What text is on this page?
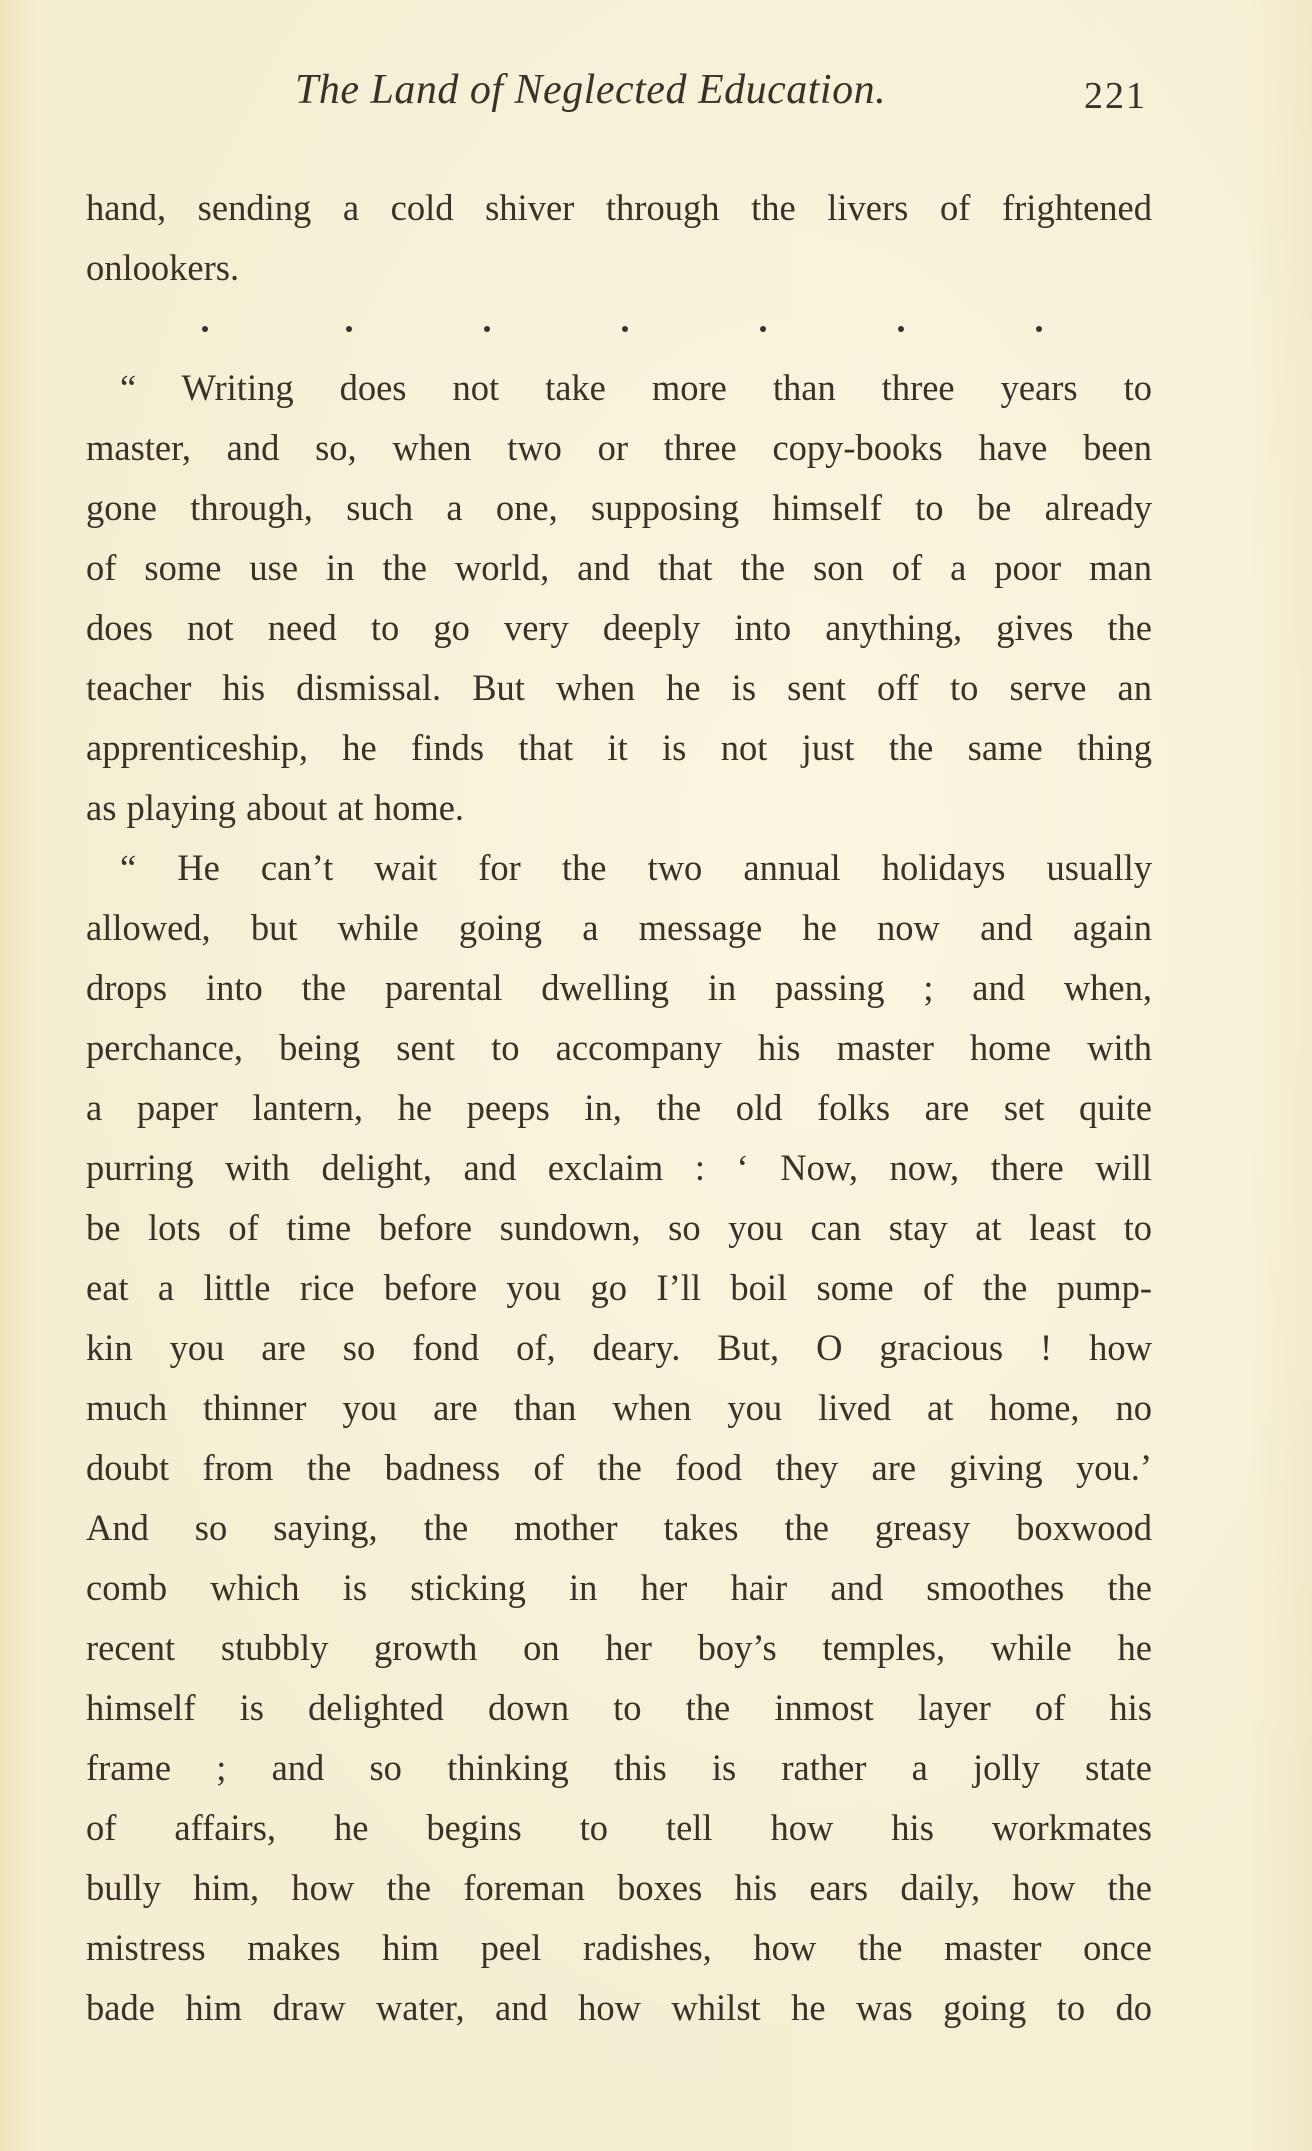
The Land of Neglected Education.	221
hand, sending a cold shiver through the livers of frightened
onlookers.
“ Writing does not take more than three years to
master, and so, when two or three copy-books have been
gone through, such a one, supposing himself to be already
of some use in the world, and that the son of a poor man
does not need to go very deeply into anything, gives the
teacher his dismissal. But when he is sent off to serve an
apprenticeship, he finds that it is not just the same thing
as playing about at home.
“ He can’t wait for the two annual holidays usually
allowed, but while going a message he now and again
drops into the parental dwelling in passing ; and when,
perchance, being sent to accompany his master home with
a paper lantern, he peeps in, the old folks are set quite
purring with delight, and exclaim : ‘ Now, now, there will
be lots of time before sundown, so you can stay at least to
eat a little rice before you go I’ll boil some of the pump-
kin you are so fond of, deary. But, O gracious ! how
much thinner you are than when you lived at home, no
doubt from the badness of the food they are giving you.’
And so saying, the mother takes the greasy boxwood
comb which is sticking in her hair and smoothes the
recent stubbly growth on her boy’s temples, while he
himself is delighted down to the inmost layer of his
frame ; and so thinking this is rather a jolly state
of affairs, he begins to tell how his workmates
bully him, how the foreman boxes his ears daily, how the
mistress makes him peel radishes, how the master once
bade him draw water, and how whilst he was going to do
